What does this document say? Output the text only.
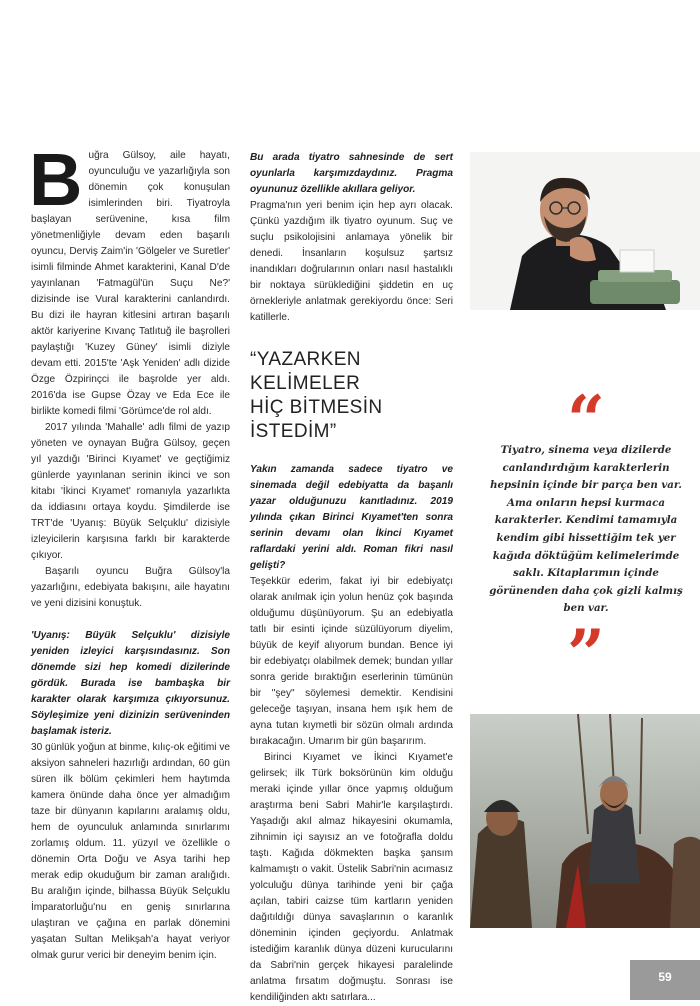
Buğra Gülsoy, aile hayatı, oyunculuğu ve yazarlığıyla son dönemin çok konuşulan isimlerinden biri. Tiyatroyla başlayan serüvenine, kısa film yönetmenliğiyle devam eden başarılı oyuncu, Derviş Zaim'in 'Gölgeler ve Suretler' isimli filminde Ahmet karakterini, Kanal D'de yayınlanan 'Fatmagül'ün Suçu Ne?' dizisinde ise Vural karakterini canlandırdı. Bu dizi ile hayran kitlesini artıran başarılı aktör kariyerine Kıvanç Tatlıtuğ ile başrolleri paylaştığı 'Kuzey Güney' isimli diziyle devam etti. 2015'te 'Aşk Yeniden' adlı dizide Özge Özpirinçci ile başrolde yer aldı. 2016'da ise Gupse Özay ve Eda Ece ile birlikte komedi filmi 'Görümce'de rol aldı.

2017 yılında 'Mahalle' adlı filmi de yazıp yöneten ve oynayan Buğra Gülsoy, geçen yıl yazdığı 'Birinci Kıyamet' ve geçtiğimiz günlerde yayınlanan serinin ikinci ve son kitabı 'İkinci Kıyamet' romanıyla yazarlıkta da iddiasını ortaya koydu. Şimdilerde ise TRT'de 'Uyanış: Büyük Selçuklu' dizisiyle izleyicilerin karşısına farklı bir karakterde çıkıyor.

Başarılı oyuncu Buğra Gülsoy'la yazarlığını, edebiyata bakışını, aile hayatını ve yeni dizisini konuştuk.

'Uyanış: Büyük Selçuklu' dizisiyle yeniden izleyici karşısındasınız. Son dönemde sizi hep komedi dizilerinde gördük. Burada ise bambaşka bir karakter olarak karşımıza çıkıyorsunuz. Söyleşimize yeni dizinizin serüveninden başlamak isteriz.

30 günlük yoğun at binme, kılıç-ok eğitimi ve aksiyon sahneleri hazırlığı ardından, 60 gün süren ilk bölüm çekimleri hem haytımda kamera önünde daha önce yer almadığım taze bir dünyanın kapılarını aralamış oldu, hem de oyunculuk anlamında sınırlarımı zorlamış oldum. 11. yüzyıl ve özellikle o dönemin Orta Doğu ve Asya tarihi hep merak edip okuduğum bir zaman aralığıdı. Bu aralığın içinde, bilhassa Büyük Selçuklu İmparatorluğu'nu en geniş sınırlarına ulaştıran ve çağına en parlak dönemini yaşatan Sultan Melikşah'a hayat veriyor olmak gurur verici bir deneyim benim için.

Bu arada tiyatro sahnesinde de sert oyunlarla karşımızdaydınız. Pragma oyununuz özellikle akıllara geliyor.

Pragma'nın yeri benim için hep ayrı olacak. Çünkü yazdığım ilk tiyatro oyunum. Suç ve suçlu psikolojisini anlamaya yönelik bir denedi. İnsanların koşulsuz şartsız inandıkları doğrularının onları nasıl hastalıklı bir noktaya sürüklediğini şiddetin en uç örnekleriyle anlatmak gerekiyordu önce: Seri katillerle.

“YAZARKEN KELİMELER
HİÇ BİTMESİN İSTEDİM”

Yakın zamanda sadece tiyatro ve sinemada değil edebiyatta da başanlı yazar olduğunuzu kanıtladınız. 2019 yılında çıkan Birinci Kıyamet'ten sonra serinin devamı olan İkinci Kıyamet raflardaki yerini aldı. Roman fikri nasıl gelişti?

Teşekkür ederim, fakat iyi bir edebiyatçı olarak anılmak için yolun henüz çok başında olduğumu düşünüyorum. Şu an edebiyatla tatlı bir esinti içinde süzülüyorum diyelim, büyük de keyif alıyorum bundan. Bence iyi bir edebiyatçı olabilmek demek; bundan yıllar sonra geride bıraktığın eserlerinin tümünün bir "şey" söylemesi demektir. Kendisini geleceğe taşıyan, insana hem ışık hem de ayna tutan kıymetli bir sözün olmalı ardında bırakacağın. Umarım bir gün başarırım.

Birinci Kıyamet ve İkinci Kıyamet'e gelirsek; ilk Türk boksörünün kim olduğu meraki içinde yıllar önce yapmış olduğum araştırma beni Sabri Mahir'le karşılaştırdı. Yaşadığı akıl almaz hikayesini okumamla, zihnimin içi sayısız an ve fotoğrafla doldu taştı. Kağıda dökmekten başka şansım kalmamıştı o vakit. Üstelik Sabri'nin acımasız yolculuğu dünya tarihinde yeni bir çağa açılan, tabiri caizse tüm kartların yeniden dağıtıldığı dünya savaşlarının o karanlık döneminin içinden geçiyordu. Anlatmak istediğim karanlık dünya düzeni kurucularını da Sabri'nin gerçek hikayesi paralelinde anlatma fırsatım doğmuştu. Sonrası ise kendiliğinden aktı satırlara...

“
Tiyatro, sinema veya dizilerde canlandırdığım karakterlerin hepsinin içinde bir parça ben var. Ama onların hepsi kurmaca karakterler. Kendimi tamamıyla kendim gibi hissettiğim tek yer kağıda döktüğüm kelimelerimde saklı. Kitaplarımın içinde görünenden daha çok gizli kalmış ben var.
”
59
